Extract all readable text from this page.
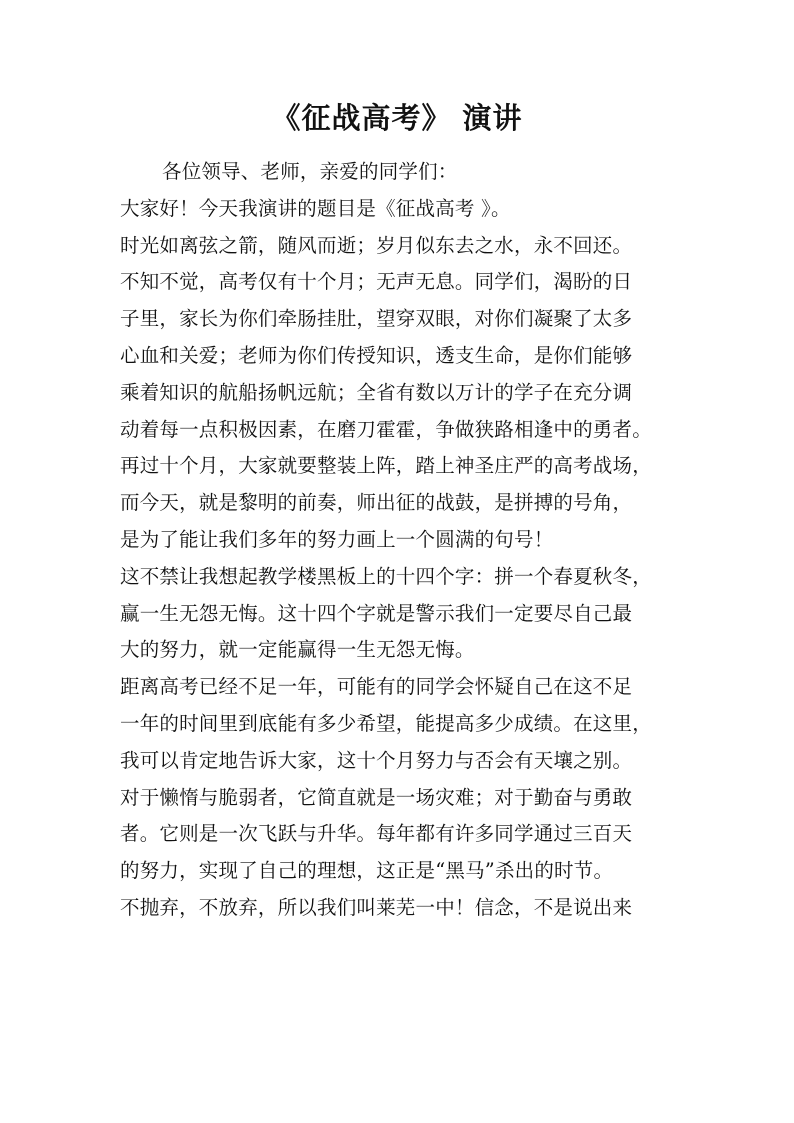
《征战高考》 演讲
各位领导、老师，亲爱的同学们：
大家好！今天我演讲的题目是《征战高考 》。
时光如离弦之箭，随风而逝；岁月似东去之水，永不回还。
不知不觉，高考仅有十个月；无声无息。同学们，渴盼的日
子里，家长为你们牵肠挂肚，望穿双眼，对你们凝聚了太多
心血和关爱；老师为你们传授知识，透支生命，是你们能够
乘着知识的航船扬帆远航；全省有数以万计的学子在充分调
动着每一点积极因素，在磨刀霍霍，争做狭路相逢中的勇者。
再过十个月，大家就要整装上阵，踏上神圣庄严的高考战场，
而今天，就是黎明的前奏，师出征的战鼓，是拼搏的号角，
是为了能让我们多年的努力画上一个圆满的句号！
这不禁让我想起教学楼黑板上的十四个字：拼一个春夏秋冬，
赢一生无怨无悔。这十四个字就是警示我们一定要尽自己最
大的努力，就一定能赢得一生无怨无悔。
距离高考已经不足一年，可能有的同学会怀疑自己在这不足
一年的时间里到底能有多少希望，能提高多少成绩。在这里，
我可以肯定地告诉大家，这十个月努力与否会有天壤之别。
对于懒惰与脆弱者，它简直就是一场灾难；对于勤奋与勇敢
者。它则是一次飞跃与升华。每年都有许多同学通过三百天
的努力，实现了自己的理想，这正是“黑马”杀出的时节。
不抛弃，不放弃，所以我们叫莱芜一中！信念，不是说出来
